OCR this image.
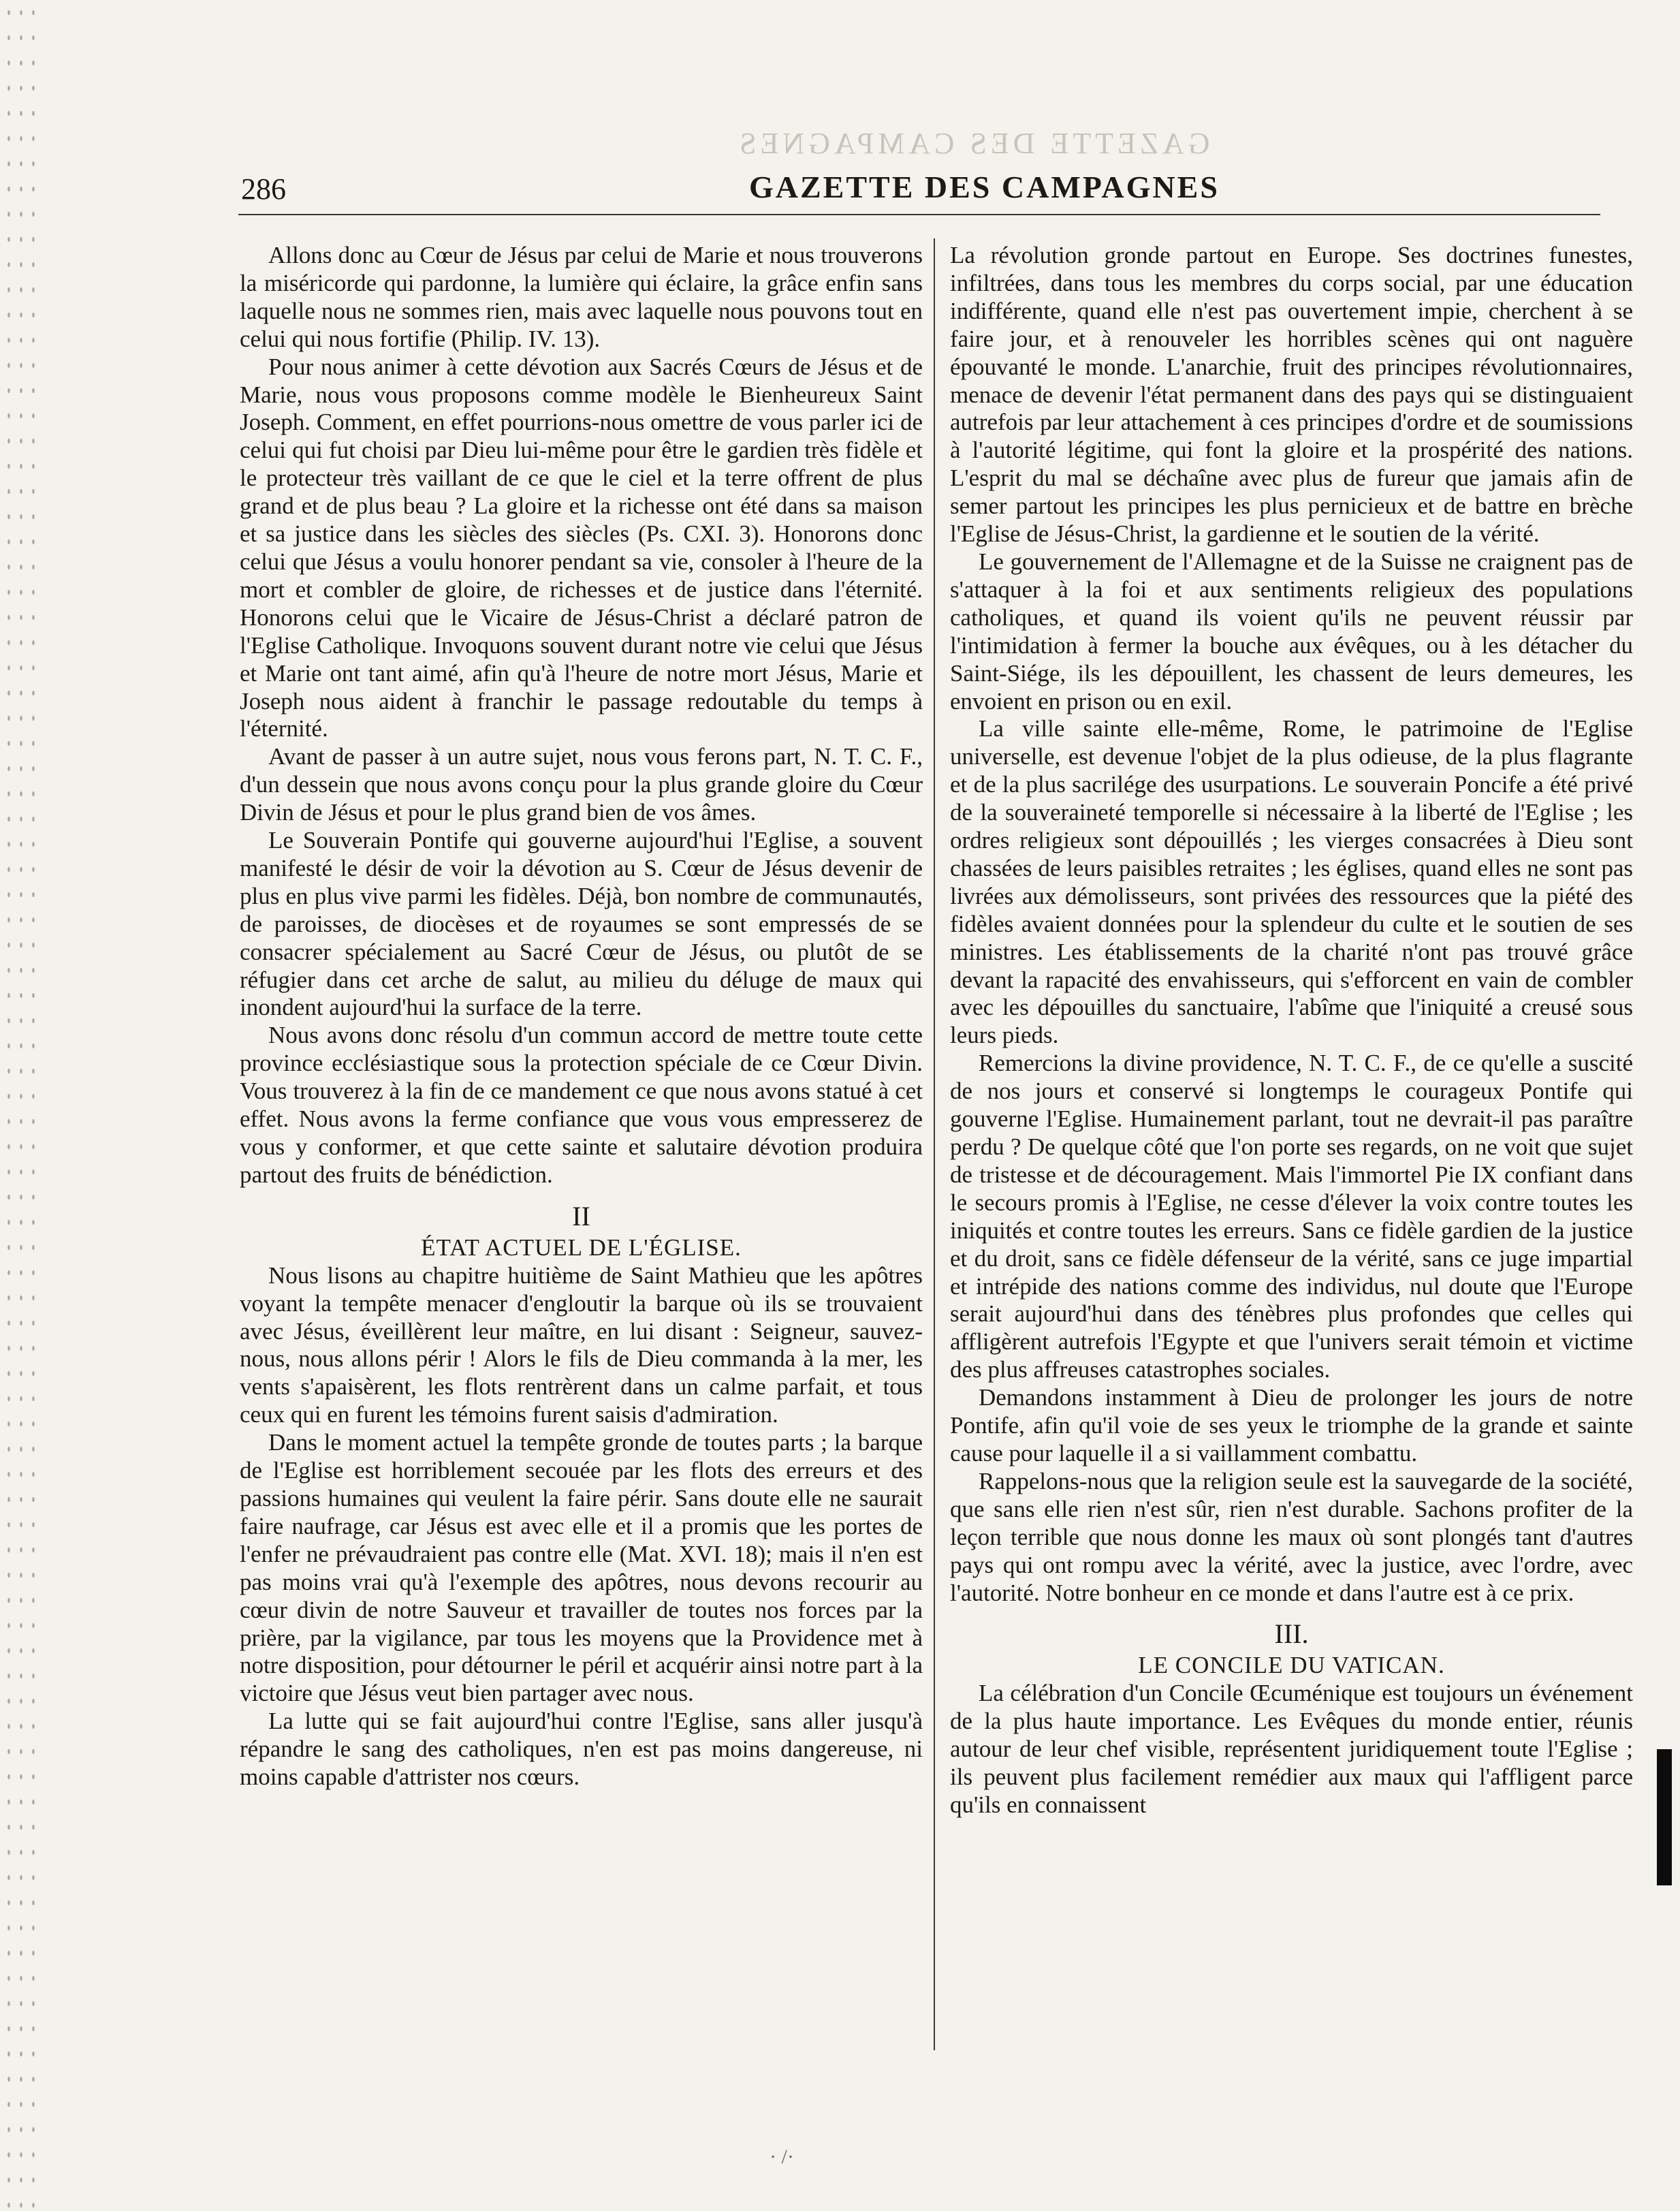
GAZETTE DES CAMPAGNES
286	GAZETTE DES CAMPAGNES

Allons donc au Cœur de Jésus par celui de Marie et nous trouverons la miséricorde qui pardonne, la lumière qui éclaire, la grâce enfin sans laquelle nous ne sommes rien, mais avec laquelle nous pouvons tout en celui qui nous fortifie (Philip. IV. 13).

Pour nous animer à cette dévotion aux Sacrés Cœurs de Jésus et de Marie, nous vous proposons comme modèle le Bienheureux Saint Joseph. Comment, en effet pourrions-nous omettre de vous parler ici de celui qui fut choisi par Dieu lui-même pour être le gardien très fidèle et le protecteur très vaillant de ce que le ciel et la terre offrent de plus grand et de plus beau ? La gloire et la richesse ont été dans sa maison et sa justice dans les siècles des siècles (Ps. CXI. 3). Honorons donc celui que Jésus a voulu honorer pendant sa vie, consoler à l'heure de la mort et combler de gloire, de richesses et de justice dans l'éternité. Honorons celui que le Vicaire de Jésus-Christ a déclaré patron de l'Eglise Catholique. Invoquons souvent durant notre vie celui que Jésus et Marie ont tant aimé, afin qu'à l'heure de notre mort Jésus, Marie et Joseph nous aident à franchir le passage redoutable du temps à l'éternité.

Avant de passer à un autre sujet, nous vous ferons part, N. T. C. F., d'un dessein que nous avons conçu pour la plus grande gloire du Cœur Divin de Jésus et pour le plus grand bien de vos âmes.

Le Souverain Pontife qui gouverne aujourd'hui l'Eglise, a souvent manifesté le désir de voir la dévotion au S. Cœur de Jésus devenir de plus en plus vive parmi les fidèles. Déjà, bon nombre de communautés, de paroisses, de diocèses et de royaumes se sont empressés de se consacrer spécialement au Sacré Cœur de Jésus, ou plutôt de se réfugier dans cet arche de salut, au milieu du déluge de maux qui inondent aujourd'hui la surface de la terre.

Nous avons donc résolu d'un commun accord de mettre toute cette province ecclésiastique sous la protection spéciale de ce Cœur Divin. Vous trouverez à la fin de ce mandement ce que nous avons statué à cet effet. Nous avons la ferme confiance que vous vous empresserez de vous y conformer, et que cette sainte et salutaire dévotion produira partout des fruits de bénédiction.

II

ÉTAT ACTUEL DE L'ÉGLISE.

Nous lisons au chapitre huitième de Saint Mathieu que les apôtres voyant la tempête menacer d'engloutir la barque où ils se trouvaient avec Jésus, éveillèrent leur maître, en lui disant : Seigneur, sauvez-nous, nous allons périr ! Alors le fils de Dieu commanda à la mer, les vents s'apaisèrent, les flots rentrèrent dans un calme parfait, et tous ceux qui en furent les témoins furent saisis d'admiration.

Dans le moment actuel la tempête gronde de toutes parts ; la barque de l'Eglise est horriblement secouée par les flots des erreurs et des passions humaines qui veulent la faire périr. Sans doute elle ne saurait faire naufrage, car Jésus est avec elle et il a promis que les portes de l'enfer ne prévaudraient pas contre elle (Mat. XVI. 18); mais il n'en est pas moins vrai qu'à l'exemple des apôtres, nous devons recourir au cœur divin de notre Sauveur et travailler de toutes nos forces par la prière, par la vigilance, par tous les moyens que la Providence met à notre disposition, pour détourner le péril et acquérir ainsi notre part à la victoire que Jésus veut bien partager avec nous.

La lutte qui se fait aujourd'hui contre l'Eglise, sans aller jusqu'à répandre le sang des catholiques, n'en est pas moins dangereuse, ni moins capable d'attrister nos cœurs.

La révolution gronde partout en Europe. Ses doctrines funestes, infiltrées, dans tous les membres du corps social, par une éducation indifférente, quand elle n'est pas ouvertement impie, cherchent à se faire jour, et à renouveler les horribles scènes qui ont naguère épouvanté le monde. L'anarchie, fruit des principes révolutionnaires, menace de devenir l'état permanent dans des pays qui se distinguaient autrefois par leur attachement à ces principes d'ordre et de soumissions à l'autorité légitime, qui font la gloire et la prospérité des nations. L'esprit du mal se déchaîne avec plus de fureur que jamais afin de semer partout les principes les plus pernicieux et de battre en brèche l'Eglise de Jésus-Christ, la gardienne et le soutien de la vérité.

Le gouvernement de l'Allemagne et de la Suisse ne craignent pas de s'attaquer à la foi et aux sentiments religieux des populations catholiques, et quand ils voient qu'ils ne peuvent réussir par l'intimidation à fermer la bouche aux évêques, ou à les détacher du Saint-Siége, ils les dépouillent, les chassent de leurs demeures, les envoient en prison ou en exil.

La ville sainte elle-même, Rome, le patrimoine de l'Eglise universelle, est devenue l'objet de la plus odieuse, de la plus flagrante et de la plus sacrilége des usurpations. Le souverain Poncife a été privé de la souveraineté temporelle si nécessaire à la liberté de l'Eglise ; les ordres religieux sont dépouillés ; les vierges consacrées à Dieu sont chassées de leurs paisibles retraites ; les églises, quand elles ne sont pas livrées aux démolisseurs, sont privées des ressources que la piété des fidèles avaient données pour la splendeur du culte et le soutien de ses ministres. Les établissements de la charité n'ont pas trouvé grâce devant la rapacité des envahisseurs, qui s'efforcent en vain de combler avec les dépouilles du sanctuaire, l'abîme que l'iniquité a creusé sous leurs pieds.

Remercions la divine providence, N. T. C. F., de ce qu'elle a suscité de nos jours et conservé si longtemps le courageux Pontife qui gouverne l'Eglise. Humainement parlant, tout ne devrait-il pas paraître perdu ? De quelque côté que l'on porte ses regards, on ne voit que sujet de tristesse et de découragement. Mais l'immortel Pie IX confiant dans le secours promis à l'Eglise, ne cesse d'élever la voix contre toutes les iniquités et contre toutes les erreurs. Sans ce fidèle gardien de la justice et du droit, sans ce fidèle défenseur de la vérité, sans ce juge impartial et intrépide des nations comme des individus, nul doute que l'Europe serait aujourd'hui dans des ténèbres plus profondes que celles qui affligèrent autrefois l'Egypte et que l'univers serait témoin et victime des plus affreuses catastrophes sociales.

Demandons instamment à Dieu de prolonger les jours de notre Pontife, afin qu'il voie de ses yeux le triomphe de la grande et sainte cause pour laquelle il a si vaillamment combattu.

Rappelons-nous que la religion seule est la sauvegarde de la société, que sans elle rien n'est sûr, rien n'est durable. Sachons profiter de la leçon terrible que nous donne les maux où sont plongés tant d'autres pays qui ont rompu avec la vérité, avec la justice, avec l'ordre, avec l'autorité. Notre bonheur en ce monde et dans l'autre est à ce prix.

III.

LE CONCILE DU VATICAN.

La célébration d'un Concile Œcuménique est toujours un événement de la plus haute importance. Les Evêques du monde entier, réunis autour de leur chef visible, représentent juridiquement toute l'Eglise ; ils peuvent plus facilement remédier aux maux qui l'affligent parce qu'ils en connaissent

· /·
